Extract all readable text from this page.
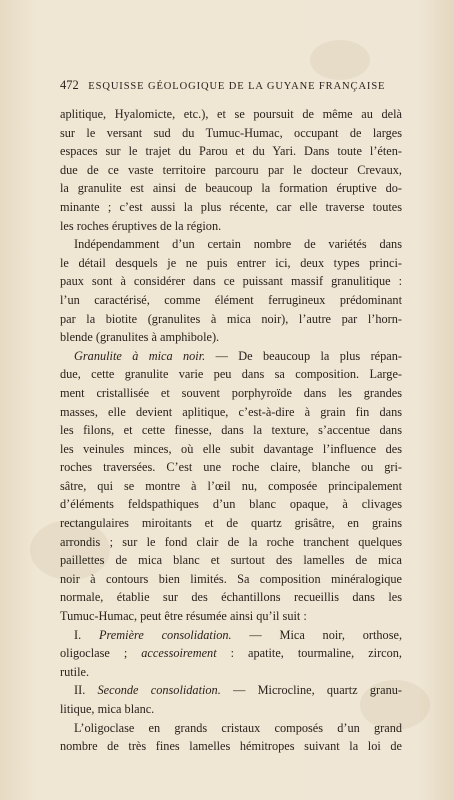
472 ESQUISSE GÉOLOGIQUE DE LA GUYANE FRANÇAISE
aplitique, Hyalomicte, etc.), et se poursuit de même au delà
sur le versant sud du Tumuc-Humac, occupant de larges
espaces sur le trajet du Parou et du Yari. Dans toute l’éten-
due de ce vaste territoire parcouru par le docteur Crevaux,
la granulite est ainsi de beaucoup la formation éruptive do-
minante ; c’est aussi la plus récente, car elle traverse toutes
les roches éruptives de la région.
Indépendamment d’un certain nombre de variétés dans
le détail desquels je ne puis entrer ici, deux types princi-
paux sont à considérer dans ce puissant massif granulitique :
l’un caractérisé, comme élément ferrugineux prédominant
par la biotite (granulites à mica noir), l’autre par l’horn-
blende (granulites à amphibole).
Granulite à mica noir. — De beaucoup la plus répan-
due, cette granulite varie peu dans sa composition. Large-
ment cristallisée et souvent porphyroïde dans les grandes
masses, elle devient aplitique, c’est-à-dire à grain fin dans
les filons, et cette finesse, dans la texture, s’accentue dans
les veinules minces, où elle subit davantage l’influence des
roches traversées. C’est une roche claire, blanche ou gri-
sâtre, qui se montre à l’œil nu, composée principalement
d’éléments feldspathiques d’un blanc opaque, à clivages
rectangulaires miroitants et de quartz grisâtre, en grains
arrondis ; sur le fond clair de la roche tranchent quelques
paillettes de mica blanc et surtout des lamelles de mica
noir à contours bien limités. Sa composition minéralogique
normale, établie sur des échantillons recueillis dans les
Tumuc-Humac, peut être résumée ainsi qu’il suit :
I. Première consolidation. — Mica noir, orthose,
oligoclase ; accessoirement : apatite, tourmaline, zircon,
rutile.
II. Seconde consolidation. — Microcline, quartz granu-
litique, mica blanc.
L’oligoclase en grands cristaux composés d’un grand
nombre de très fines lamelles hémitropes suivant la loi de
